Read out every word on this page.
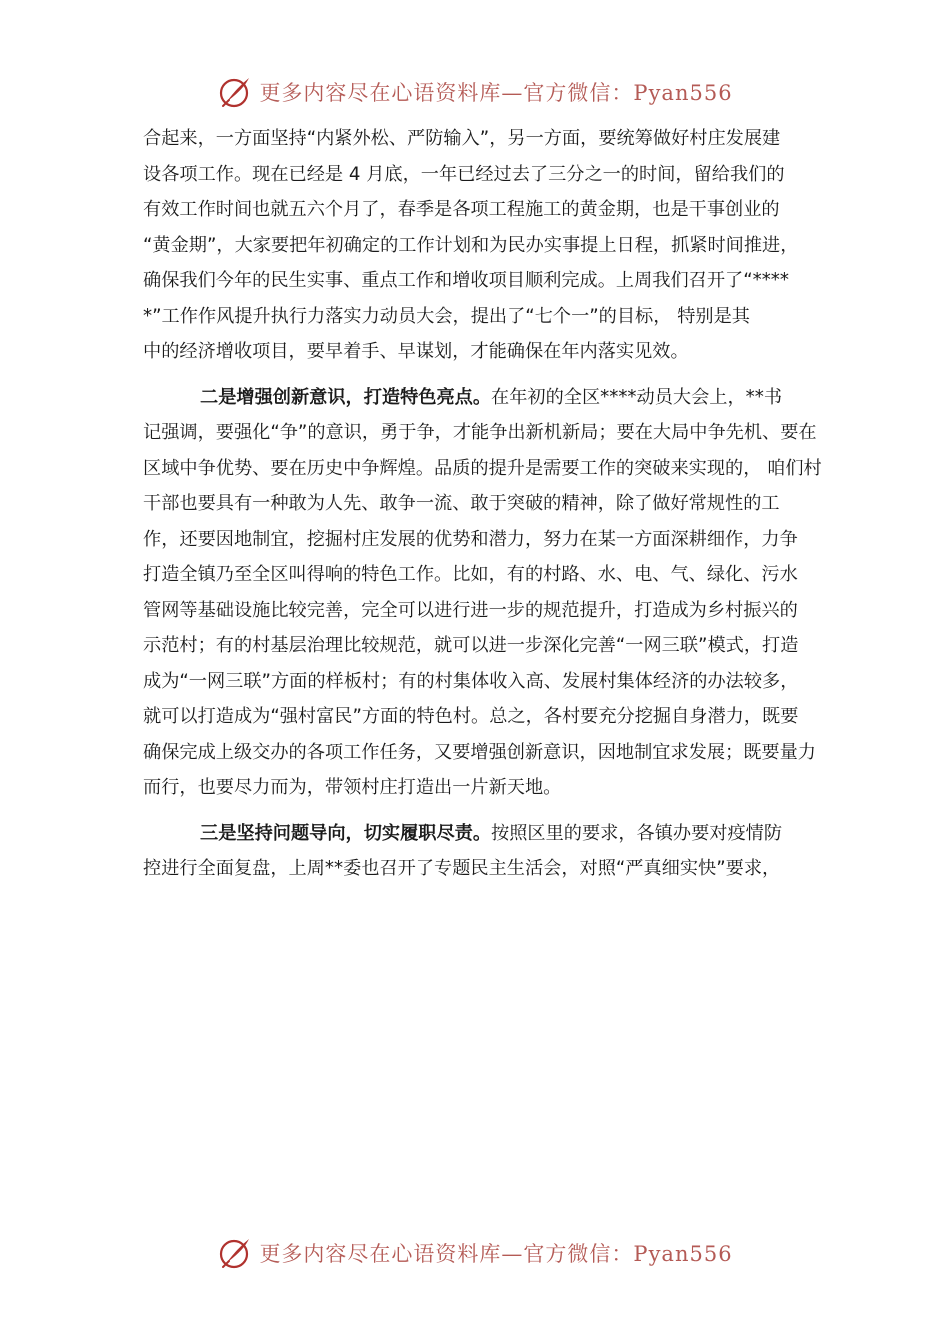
更多内容尽在心语资料库—官方微信：Pyan556
合起来，一方面坚持“内紧外松、严防输入”，另一方面，要统筹做好村庄发展建
设各项工作。现在已经是 4 月底，一年已经过去了三分之一的时间，留给我们的
有效工作时间也就五六个月了，春季是各项工程施工的黄金期，也是干事创业的
“黄金期”，大家要把年初确定的工作计划和为民办实事提上日程，抓紧时间推进，
确保我们今年的民生实事、重点工作和增收项目顺利完成。上周我们召开了“****
*”工作作风提升执行力落实力动员大会，提出了“七个一”的目标， 特别是其
中的经济增收项目，要早着手、早谋划，才能确保在年内落实见效。
二是增强创新意识，打造特色亮点。在年初的全区****动员大会上，**书
记强调，要强化“争”的意识，勇于争，才能争出新机新局；要在大局中争先机、要在
区域中争优势、要在历史中争辉煌。品质的提升是需要工作的突破来实现的， 咱们村
干部也要具有一种敢为人先、敢争一流、敢于突破的精神，除了做好常规性的工
作，还要因地制宜，挖掘村庄发展的优势和潜力，努力在某一方面深耕细作，力争
打造全镇乃至全区叫得响的特色工作。比如，有的村路、水、电、气、绿化、污水
管网等基础设施比较完善，完全可以进行进一步的规范提升，打造成为乡村振兴的
示范村；有的村基层治理比较规范，就可以进一步深化完善“一网三联”模式，打造
成为“一网三联”方面的样板村；有的村集体收入高、发展村集体经济的办法较多，
就可以打造成为“强村富民”方面的特色村。总之，各村要充分挖掘自身潜力，既要
确保完成上级交办的各项工作任务，又要增强创新意识，因地制宜求发展；既要量力
而行，也要尽力而为，带领村庄打造出一片新天地。
三是坚持问题导向，切实履职尽责。按照区里的要求，各镇办要对疫情防
控进行全面复盘，上周**委也召开了专题民主生活会，对照“严真细实快”要求，
更多内容尽在心语资料库—官方微信：Pyan556
